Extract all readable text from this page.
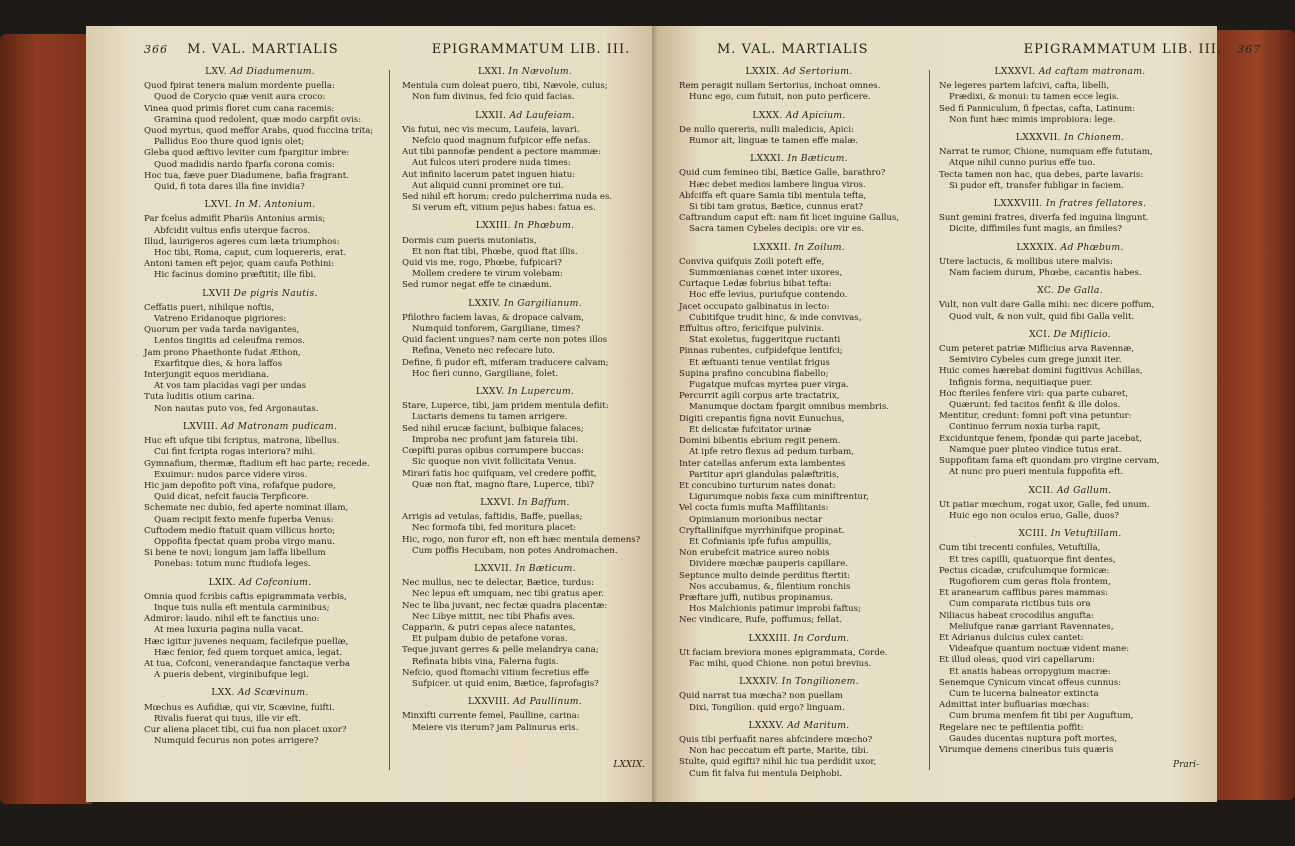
366 M. VAL. MARTIALIS	EPIGRAMMATUM LIB. III.
LXV. Ad Diadumenum.
Quod fpirat tenera malum mordente puella:
Quod de Corycio quæ venit aura croco:
Vinea quod primis floret cum cana racemis:
Gramina quod redolent, quæ modo carpfit ovis:
Quod myrtus, quod meffor Arabs, quod fuccina trita;
Pallidus Eoo thure quod ignis olet;
Gleba quod æftivo leviter cum fpargitur imbre:
Quod madidis nardo fparfa corona comis:
Hoc tua, fæve puer Diadumene, bafia fragrant.
Quid, fi tota dares illa fine invidia?
LXVI. In M. Antonium.
Par fcelus admifit Phariis Antonius armis;
Abfcidit vultus enfis uterque facros.
Illud, laurigeros ageres cum læta triumphos:
Hoc tibi, Roma, caput, cum loquereris, erat.
Antoni tamen eft pejor, quam caufa Pothini:
Hic facinus domino præftitit; ille fibi.
LXVII De pigris Nautis.
Ceffatis pueri, nihilque noftis,
Vatreno Eridanoque pigriores:
Quorum per vada tarda navigantes,
Lentos tingitis ad celeufma remos.
Jam prono Phaethonte fudat Æthon,
Exarfitque dies, & hora laffos
Interjungit equos meridiana.
At vos tam placidas vagi per undas
Tuta luditis otium carina.
Non nautas puto vos, fed Argonautas.
LXVIII. Ad Matronam pudicam.
Huc eft ufque tibi fcriptus, matrona, libellus.
Cui fint fcripta rogas interiora? mihi.
Gymnafium, thermæ, ftadium eft hac parte; recede.
Exuimur: nudos parce videre viros.
Hic jam depofito poft vina, rofafque pudore,
Quid dicat, nefcit faucia Terpficore.
Schemate nec dubio, fed aperte nominat illam,
Quam recipit fexto menfe fuperba Venus:
Cuftodem medio ftatuit quam villicus horto;
Oppofita fpectat quam proba virgo manu.
Si bene te novi; longum jam laffa libellum
Ponebas: totum nunc ftudiofa leges.
LXIX. Ad Cofconium.
Omnia quod fcribis caftis epigrammata verbis,
Inque tuis nulla eft mentula carminibus;
Admiror: laudo. nihil eft te fanctius uno:
At mea luxuria pagina nulla vacat.
Hæc igitur juvenes nequam, facilefque puellæ,
Hæc fenior, fed quem torquet amica, legat.
At tua, Cofconi, venerandaque fanctaque verba
A pueris debent, virginibufque legi.
LXX. Ad Scævinum.
Mœchus es Aufidiæ, qui vir, Scævine, fuifti.
Rivalis fuerat qui tuus, ille vir eft.
Cur aliena placet tibi, cui fua non placet uxor?
Numquid fecurus non potes arrigere?
LXXI. In Nævolum.
Mentula cum doleat puero, tibi, Nævole, culus;
Non fum divinus, fed fcio quid facias.
LXXII. Ad Laufeiam.
Vis futui, nec vis mecum, Laufeia, lavari.
Nefcio quod magnum fufpicor effe nefas.
Aut tibi pannofæ pendent a pectore mammæ:
Aut fulcos uteri prodere nuda times:
Aut infinito lacerum patet inguen hiatu:
Aut aliquid cunni prominet ore tui.
Sed nihil eft horum: credo pulcherrima nuda es.
Si verum eft, vitium pejus habes: fatua es.
LXXIII. In Phœbum.
Dormis cum pueris mutoniatis,
Et non ftat tibi, Phœbe, quod ftat illis.
Quid vis me, rogo, Phœbe, fufpicari?
Mollem credere te virum volebam:
Sed rumor negat effe te cinædum.
LXXIV. In Gargilianum.
Pfilothro faciem lavas, & dropace calvam,
Numquid tonforem, Gargiliane, times?
Quid facient ungues? nam certe non potes illos
Refina, Veneto nec refecare luto.
Define, fi pudor eft, miferam traducere calvam;
Hoc fieri cunno, Gargiliane, folet.
LXXV. In Lupercum.
Stare, Luperce, tibi, jam pridem mentula defiit:
Luctaris demens tu tamen arrigere.
Sed nihil erucæ faciunt, bulbique falaces;
Improba nec profunt jam fatureia tibi.
Cœpifti puras opibus corrumpere buccas:
Sic quoque non vivit follicitata Venus.
Mirari fatis hoc quifquam, vel credere poffit,
Quæ non ftat, magno ftare, Luperce, tibi?
LXXVI. In Baffum.
Arrigis ad vetulas, faftidis, Baffe, puellas;
Nec formofa tibi, fed moritura placet:
Hic, rogo, non furor eft, non eft hæc mentula demens?
Cum poffis Hecubam, non potes Andromachen.
LXXVII. In Bæticum.
Nec mullus, nec te delectar, Bætice, turdus:
Nec lepus eft umquam, nec tibi gratus aper.
Nec te liba juvant, nec fectæ quadra placentæ:
Nec Libye mittit, nec tibi Phafis aves.
Capparin, & putri cepas alece natantes,
Et pulpam dubio de petafone voras.
Teque juvant gerres & pelle melandrya cana;
Refinata bibis vina, Falerna fugis.
Nefcio, quod ftomachi vitium fecretius effe
Sufpicer. ut quid enim, Bætice, faprofagis?
LXXVIII. Ad Paullinum.
Minxifti currente femel, Paulline, carina:
Meiere vis iterum? jam Palinurus eris.
LXXIX.
M. VAL. MARTIALIS	EPIGRAMMATUM LIB. III. 367
LXXIX. Ad Sertorium.
Rem peragit nullam Sertorius, inchoat omnes.
Hunc ego, cum futuit, non puto perficere.
LXXX. Ad Apicium.
De nullo quereris, nulli maledicis, Apici:
Rumor ait, linguæ te tamen effe malæ.
LXXXI. In Bæticum.
Quid cum femineo tibi, Bætice Galle, barathro?
Hæc debet medios lambere lingua viros.
Abfciffa eft quare Samia tibi mentula tefta,
Si tibi tam gratus, Bætice, cunnus erat?
Caftrandum caput eft: nam fit licet inguine Gallus,
Sacra tamen Cybeles decipis: ore vir es.
LXXXII. In Zoilum.
Conviva quifquis Zoili poteft effe,
Summœnianas cœnet inter uxores,
Curtaque Ledæ fobrius bibat tefta:
Hoc effe levius, puriufque contendo.
Jacet occupato galbinatus in lecto:
Cubitifque trudit hinc, & inde convivas,
Effultus oftro, fericifque pulvinis.
Stat exoletus, fuggeritque ructanti
Pinnas rubentes, cufpidefque lentifci;
Et æftuanti tenue ventilat frigus
Supina prafino concubina flabello;
Fugatque mufcas myrtea puer virga.
Percurrit agili corpus arte tractatrix,
Manumque doctam fpargit omnibus membris.
Digiti crepantis figna novit Eunuchus,
Et delicatæ fufcitator urinæ
Domini bibentis ebrium regit penem.
At ipfe retro flexus ad pedum turbam,
Inter catellas anferum exta lambentes
Partitur apri glandulas palæftritis,
Et concubino turturum nates donat:
Ligurumque nobis faxa cum miniftrentur,
Vel cocta fumis mufta Maffilitanis:
Opimianum morionibus nectar
Cryftallinifque myrrhinifque propinat.
Et Cofmianis ipfe fufus ampullis,
Non erubefcit matrice aureo nobis
Dividere mœchæ pauperis capillare.
Septunce multo deinde perditus ftertit:
Nos accubamus, &, filentium ronchis
Præftare juffi, nutibus propinamus.
Hos Malchionis patimur improbi faftus;
Nec vindicare, Rufe, poffumus; fellat.
LXXXIII. In Cordum.
Ut faciam breviora mones epigrammata, Corde.
Fac mihi, quod Chione. non potui brevius.
LXXXIV. In Tongilionem.
Quid narrat tua mœcha? non puellam
Dixi, Tongilion. quid ergo? linguam.
LXXXV. Ad Maritum.
Quis tibi perfuafit nares abfcindere mœcho?
Non hac peccatum eft parte, Marite, tibi.
Stulte, quid egifti? nihil hic tua perdidit uxor,
Cum fit falva fui mentula Deiphobi.
LXXXVI. Ad caftam matronam.
Ne legeres partem lafcivi, cafta, libelli,
Prædixi, & monui: tu tamen ecce legis.
Sed fi Panniculum, fi fpectas, cafta, Latinum:
Non funt hæc mimis improbiora: lege.
LXXXVII. In Chionem.
Narrat te rumor, Chione, numquam effe fututam,
Atque nihil cunno purius effe tuo.
Tecta tamen non hac, qua debes, parte lavaris:
Si pudor eft, transfer fubligar in faciem.
LXXXVIII. In fratres fellatores.
Sunt gemini fratres, diverfa fed inguina lingunt.
Dicite, diffimiles funt magis, an fimiles?
LXXXIX. Ad Phœbum.
Utere lactucis, & mollibus utere malvis:
Nam faciem durum, Phœbe, cacantis habes.
XC. De Galla.
Vult, non vult dare Galla mihi: nec dicere poffum,
Quod vult, & non vult, quid fibi Galla velit.
XCI. De Miflicio.
Cum peteret patriæ Miflicius arva Ravennæ,
Semiviro Cybeles cum grege junxit iter.
Huic comes hærebat domini fugitivus Achillas,
Infignis forma, nequitiaque puer.
Hoc fteriles fenfere viri: qua parte cubaret,
Quærunt: fed tacitos fenfit & ille dolos.
Mentitur, credunt: fomni poft vina petuntur:
Continuo ferrum noxia turba rapit,
Exciduntque fenem, fpondæ qui parte jacebat,
Namque puer pluteo vindice tutus erat.
Suppofitam fama eft quondam pro virgine cervam,
At nunc pro pueri mentula fuppofita eft.
XCII. Ad Gallum.
Ut patiar mœchum, rogat uxor, Galle, fed unum.
Huic ego non oculos eruo, Galle, duos?
XCIII. In Vetuftillam.
Cum tibi trecenti confules, Vetuftilla,
Et tres capilli, quatuorque fint dentes,
Pectus cicadæ, crufculumque formicæ:
Rugofiorem cum geras ftola frontem,
Et aranearum caffibus pares mammas:
Cum comparata rictibus tuis ora
Niliacus habeat crocodilus angufta:
Meliufque ranæ garriant Ravennates,
Et Adrianus dulcius culex cantet:
Videafque quantum noctuæ vident mane:
Et illud oleas, quod viri capellarum:
Et anatis habeas orropygium macræ:
Senemque Cynicum vincat offeus cunnus:
Cum te lucerna balneator extincta
Admittat inter bufluarias mœchas:
Cum bruma menfem fit tibi per Auguftum,
Regelare nec te peftilentia poffit:
Gaudes ducentas nuptura poft mortes,
Virumque demens cineribus tuis quæris
Prari-
